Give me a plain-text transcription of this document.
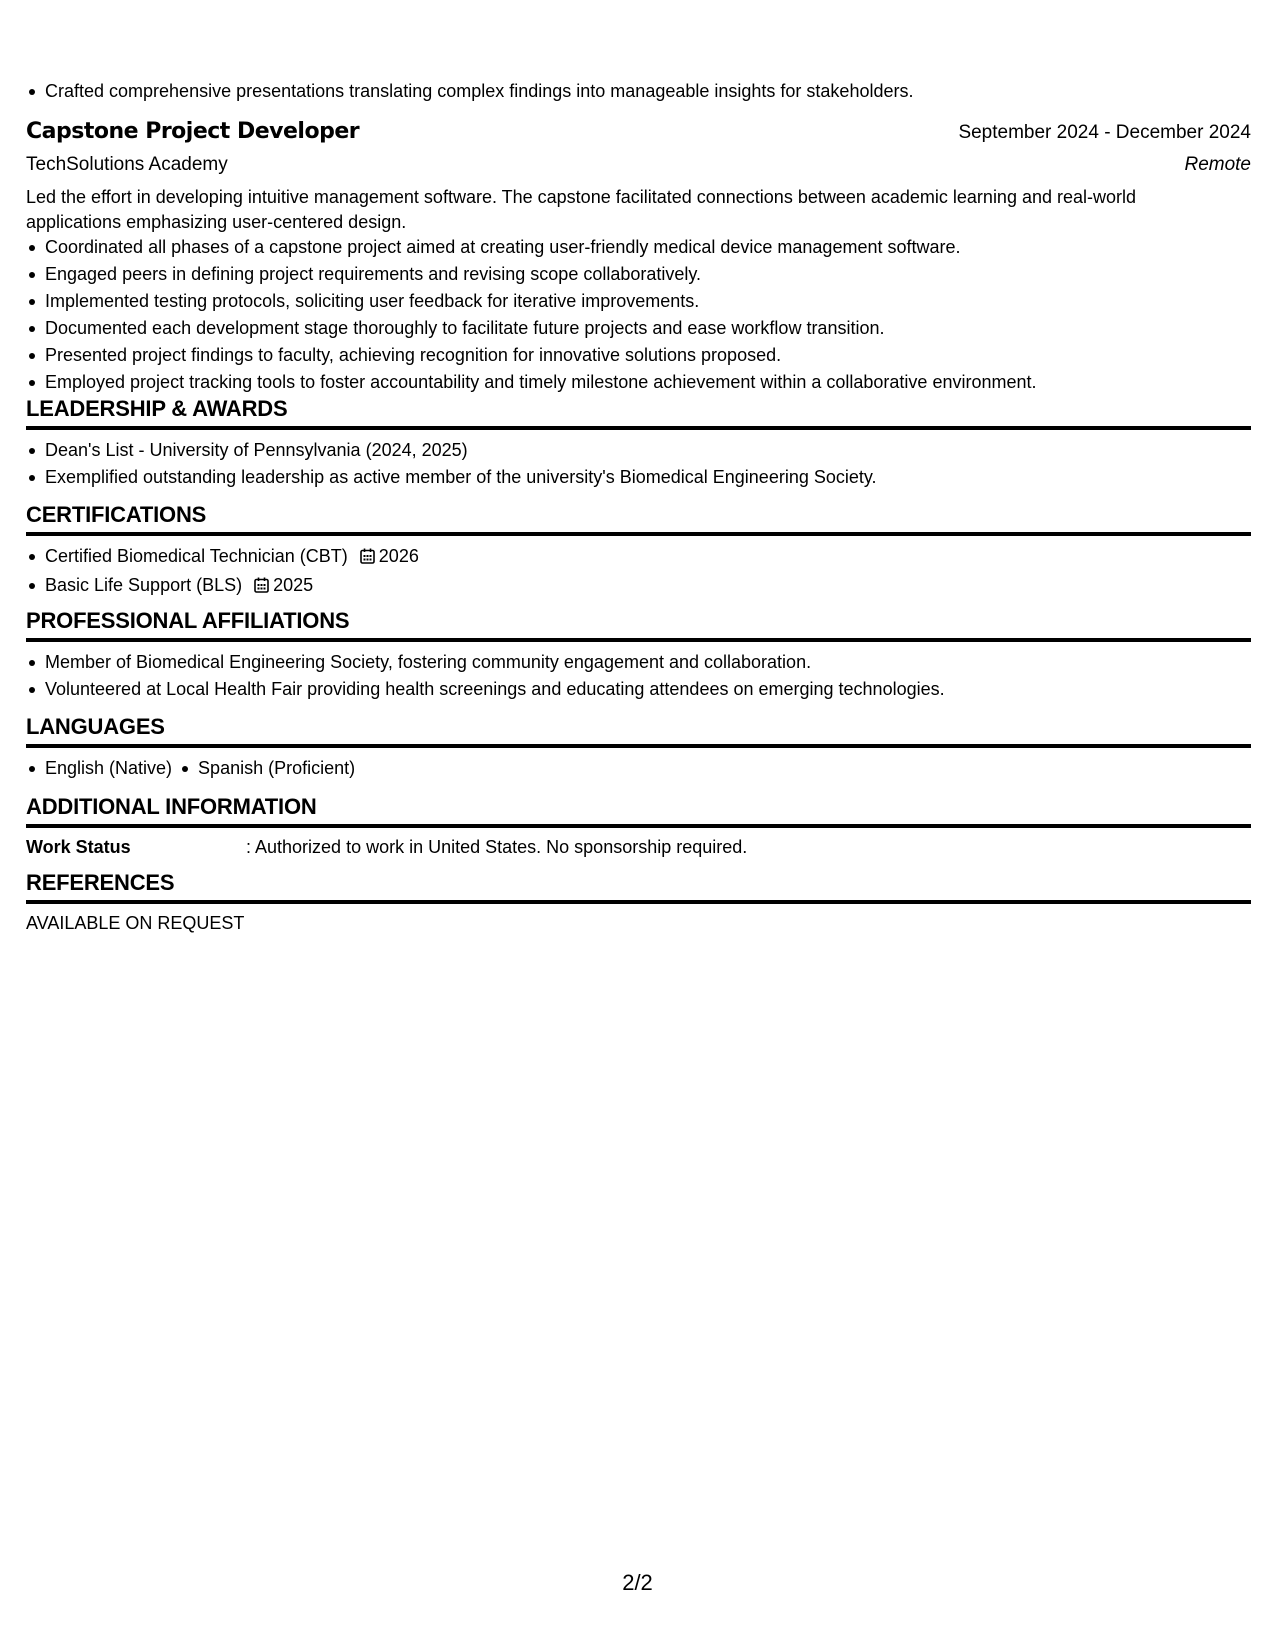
Crafted comprehensive presentations translating complex findings into manageable insights for stakeholders.
Capstone Project Developer	September 2024 - December 2024
TechSolutions Academy	Remote
Led the effort in developing intuitive management software. The capstone facilitated connections between academic learning and real-world applications emphasizing user-centered design.
Coordinated all phases of a capstone project aimed at creating user-friendly medical device management software.
Engaged peers in defining project requirements and revising scope collaboratively.
Implemented testing protocols, soliciting user feedback for iterative improvements.
Documented each development stage thoroughly to facilitate future projects and ease workflow transition.
Presented project findings to faculty, achieving recognition for innovative solutions proposed.
Employed project tracking tools to foster accountability and timely milestone achievement within a collaborative environment.
LEADERSHIP & AWARDS
Dean's List - University of Pennsylvania (2024, 2025)
Exemplified outstanding leadership as active member of the university's Biomedical Engineering Society.
CERTIFICATIONS
Certified Biomedical Technician (CBT) 2026
Basic Life Support (BLS) 2025
PROFESSIONAL AFFILIATIONS
Member of Biomedical Engineering Society, fostering community engagement and collaboration.
Volunteered at Local Health Fair providing health screenings and educating attendees on emerging technologies.
LANGUAGES
English (Native) Spanish (Proficient)
ADDITIONAL INFORMATION
Work Status	: Authorized to work in United States. No sponsorship required.
REFERENCES
AVAILABLE ON REQUEST
2/2
